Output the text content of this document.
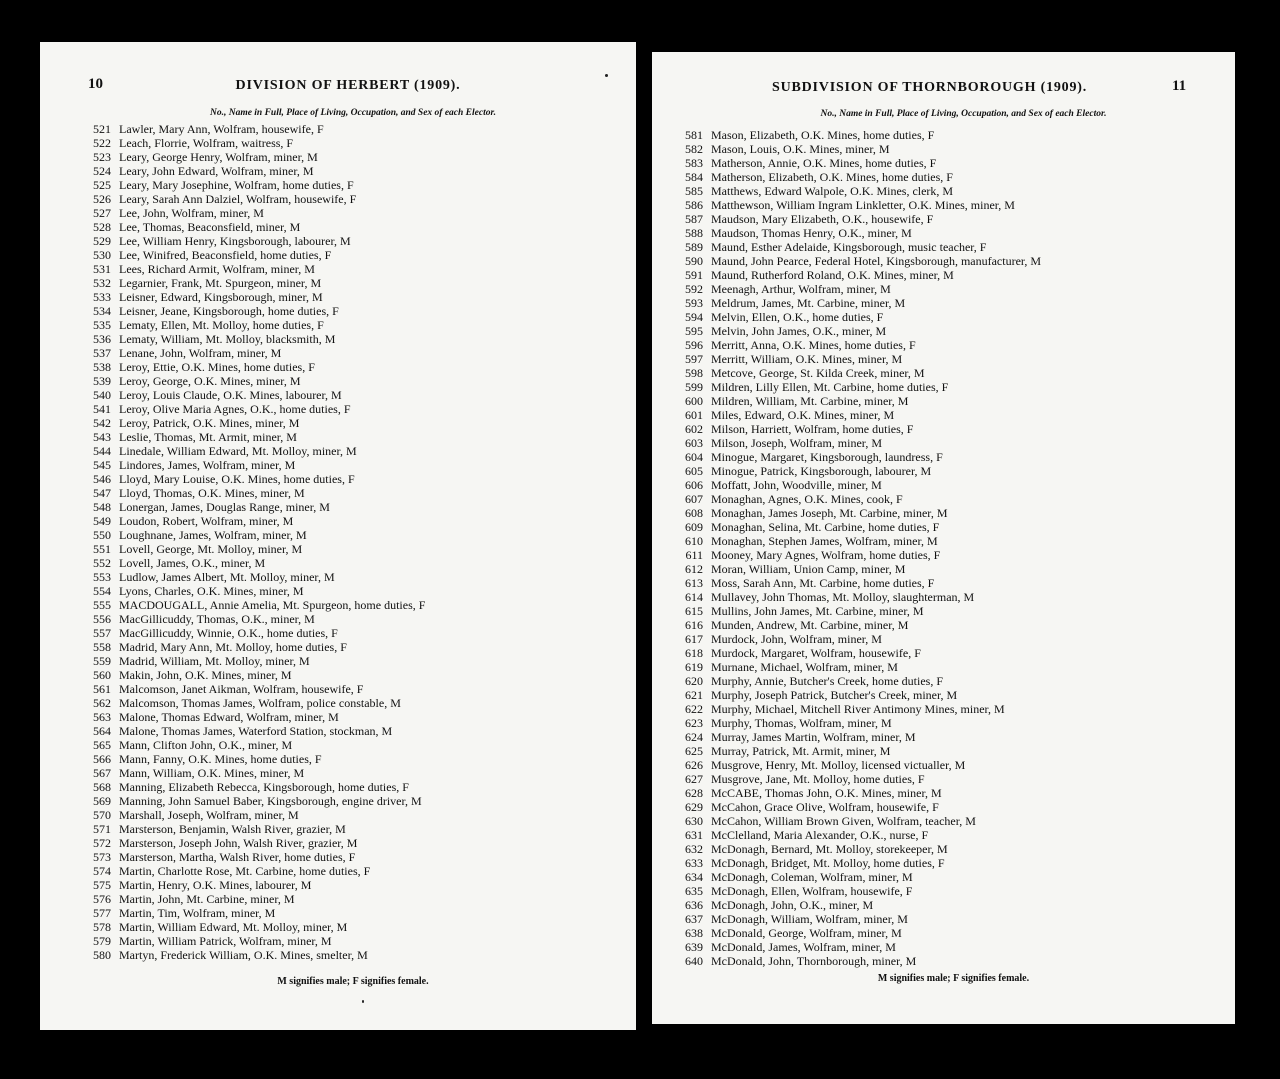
10	DIVISION OF HERBERT (1909).
No., Name in Full, Place of Living, Occupation, and Sex of each Elector.
521 Lawler, Mary Ann, Wolfram, housewife, F
522 Leach, Florrie, Wolfram, waitress, F
523 Leary, George Henry, Wolfram, miner, M
524 Leary, John Edward, Wolfram, miner, M
525 Leary, Mary Josephine, Wolfram, home duties, F
526 Leary, Sarah Ann Dalziel, Wolfram, housewife, F
527 Lee, John, Wolfram, miner, M
528 Lee, Thomas, Beaconsfield, miner, M
529 Lee, William Henry, Kingsborough, labourer, M
530 Lee, Winifred, Beaconsfield, home duties, F
531 Lees, Richard Armit, Wolfram, miner, M
532 Legarnier, Frank, Mt. Spurgeon, miner, M
533 Leisner, Edward, Kingsborough, miner, M
534 Leisner, Jeane, Kingsborough, home duties, F
535 Lematy, Ellen, Mt. Molloy, home duties, F
536 Lematy, William, Mt. Molloy, blacksmith, M
537 Lenane, John, Wolfram, miner, M
538 Leroy, Ettie, O.K. Mines, home duties, F
539 Leroy, George, O.K. Mines, miner, M
540 Leroy, Louis Claude, O.K. Mines, labourer, M
541 Leroy, Olive Maria Agnes, O.K., home duties, F
542 Leroy, Patrick, O.K. Mines, miner, M
543 Leslie, Thomas, Mt. Armit, miner, M
544 Linedale, William Edward, Mt. Molloy, miner, M
545 Lindores, James, Wolfram, miner, M
546 Lloyd, Mary Louise, O.K. Mines, home duties, F
547 Lloyd, Thomas, O.K. Mines, miner, M
548 Lonergan, James, Douglas Range, miner, M
549 Loudon, Robert, Wolfram, miner, M
550 Loughnane, James, Wolfram, miner, M
551 Lovell, George, Mt. Molloy, miner, M
552 Lovell, James, O.K., miner, M
553 Ludlow, James Albert, Mt. Molloy, miner, M
554 Lyons, Charles, O.K. Mines, miner, M
555 MACDOUGALL, Annie Amelia, Mt. Spurgeon, home duties, F
556 MacGillicuddy, Thomas, O.K., miner, M
557 MacGillicuddy, Winnie, O.K., home duties, F
558 Madrid, Mary Ann, Mt. Molloy, home duties, F
559 Madrid, William, Mt. Molloy, miner, M
560 Makin, John, O.K. Mines, miner, M
561 Malcomson, Janet Aikman, Wolfram, housewife, F
562 Malcomson, Thomas James, Wolfram, police constable, M
563 Malone, Thomas Edward, Wolfram, miner, M
564 Malone, Thomas James, Waterford Station, stockman, M
565 Mann, Clifton John, O.K., miner, M
566 Mann, Fanny, O.K. Mines, home duties, F
567 Mann, William, O.K. Mines, miner, M
568 Manning, Elizabeth Rebecca, Kingsborough, home duties, F
569 Manning, John Samuel Baber, Kingsborough, engine driver, M
570 Marshall, Joseph, Wolfram, miner, M
571 Marsterson, Benjamin, Walsh River, grazier, M
572 Marsterson, Joseph John, Walsh River, grazier, M
573 Marsterson, Martha, Walsh River, home duties, F
574 Martin, Charlotte Rose, Mt. Carbine, home duties, F
575 Martin, Henry, O.K. Mines, labourer, M
576 Martin, John, Mt. Carbine, miner, M
577 Martin, Tim, Wolfram, miner, M
578 Martin, William Edward, Mt. Molloy, miner, M
579 Martin, William Patrick, Wolfram, miner, M
580 Martyn, Frederick William, O.K. Mines, smelter, M
M signifies male; F signifies female.
SUBDIVISION OF THORNBOROUGH (1909).	11
No., Name in Full, Place of Living, Occupation, and Sex of each Elector.
581 Mason, Elizabeth, O.K. Mines, home duties, F
582 Mason, Louis, O.K. Mines, miner, M
583 Matherson, Annie, O.K. Mines, home duties, F
584 Matherson, Elizabeth, O.K. Mines, home duties, F
585 Matthews, Edward Walpole, O.K. Mines, clerk, M
586 Matthewson, William Ingram Linkletter, O.K. Mines, miner, M
587 Maudson, Mary Elizabeth, O.K., housewife, F
588 Maudson, Thomas Henry, O.K., miner, M
589 Maund, Esther Adelaide, Kingsborough, music teacher, F
590 Maund, John Pearce, Federal Hotel, Kingsborough, manufacturer, M
591 Maund, Rutherford Roland, O.K. Mines, miner, M
592 Meenagh, Arthur, Wolfram, miner, M
593 Meldrum, James, Mt. Carbine, miner, M
594 Melvin, Ellen, O.K., home duties, F
595 Melvin, John James, O.K., miner, M
596 Merritt, Anna, O.K. Mines, home duties, F
597 Merritt, William, O.K. Mines, miner, M
598 Metcove, George, St. Kilda Creek, miner, M
599 Mildren, Lilly Ellen, Mt. Carbine, home duties, F
600 Mildren, William, Mt. Carbine, miner, M
601 Miles, Edward, O.K. Mines, miner, M
602 Milson, Harriett, Wolfram, home duties, F
603 Milson, Joseph, Wolfram, miner, M
604 Minogue, Margaret, Kingsborough, laundress, F
605 Minogue, Patrick, Kingsborough, labourer, M
606 Moffatt, John, Woodville, miner, M
607 Monaghan, Agnes, O.K. Mines, cook, F
608 Monaghan, James Joseph, Mt. Carbine, miner, M
609 Monaghan, Selina, Mt. Carbine, home duties, F
610 Monaghan, Stephen James, Wolfram, miner, M
611 Mooney, Mary Agnes, Wolfram, home duties, F
612 Moran, William, Union Camp, miner, M
613 Moss, Sarah Ann, Mt. Carbine, home duties, F
614 Mullavey, John Thomas, Mt. Molloy, slaughterman, M
615 Mullins, John James, Mt. Carbine, miner, M
616 Munden, Andrew, Mt. Carbine, miner, M
617 Murdock, John, Wolfram, miner, M
618 Murdock, Margaret, Wolfram, housewife, F
619 Murnane, Michael, Wolfram, miner, M
620 Murphy, Annie, Butcher's Creek, home duties, F
621 Murphy, Joseph Patrick, Butcher's Creek, miner, M
622 Murphy, Michael, Mitchell River Antimony Mines, miner, M
623 Murphy, Thomas, Wolfram, miner, M
624 Murray, James Martin, Wolfram, miner, M
625 Murray, Patrick, Mt. Armit, miner, M
626 Musgrove, Henry, Mt. Molloy, licensed victualler, M
627 Musgrove, Jane, Mt. Molloy, home duties, F
628 McCABE, Thomas John, O.K. Mines, miner, M
629 McCahon, Grace Olive, Wolfram, housewife, F
630 McCahon, William Brown Given, Wolfram, teacher, M
631 McClelland, Maria Alexander, O.K., nurse, F
632 McDonagh, Bernard, Mt. Molloy, storekeeper, M
633 McDonagh, Bridget, Mt. Molloy, home duties, F
634 McDonagh, Coleman, Wolfram, miner, M
635 McDonagh, Ellen, Wolfram, housewife, F
636 McDonagh, John, O.K., miner, M
637 McDonagh, William, Wolfram, miner, M
638 McDonald, George, Wolfram, miner, M
639 McDonald, James, Wolfram, miner, M
640 McDonald, John, Thornborough, miner, M
M signifies male; F signifies female.
